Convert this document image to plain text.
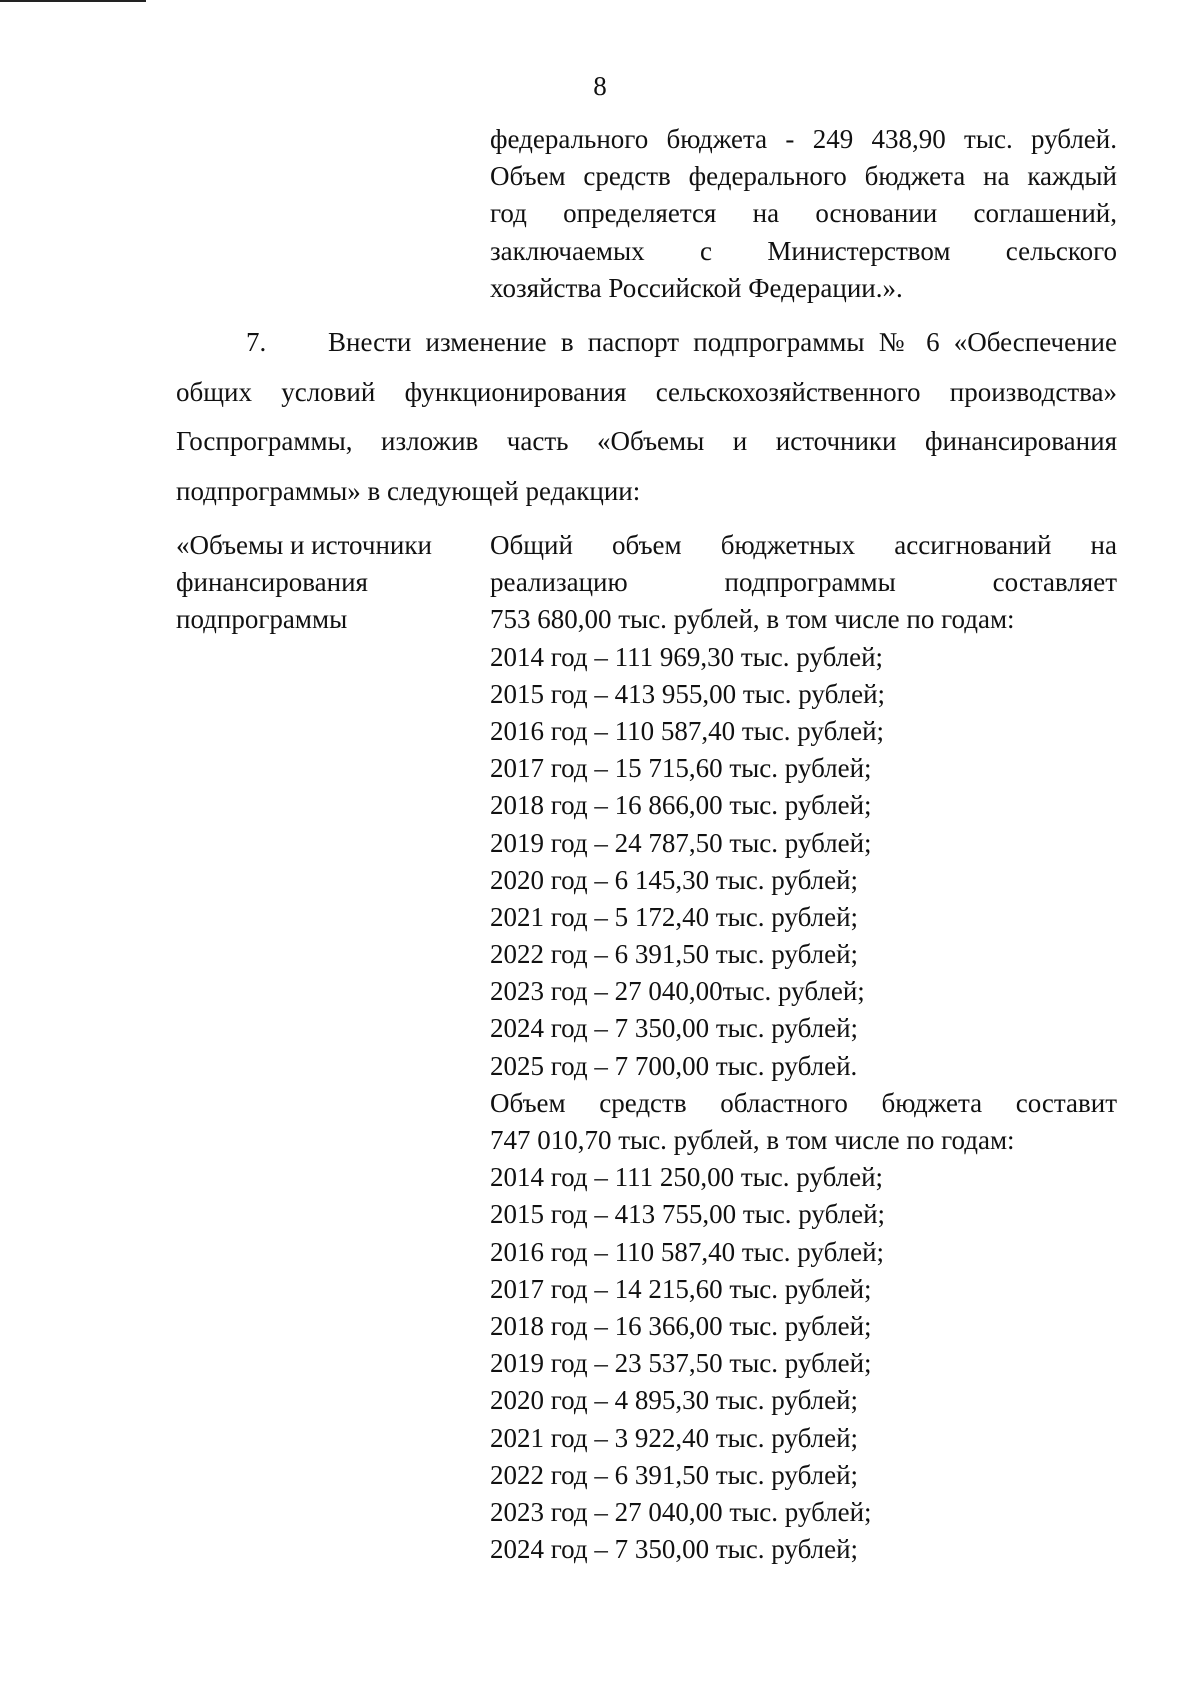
8
федерального бюджета - 249 438,90 тыс. рублей.
Объем средств федерального бюджета на каждый
год определяется на основании соглашений,
заключаемых с Министерством сельского
хозяйства Российской Федерации.».
7. Внести изменение в паспорт подпрограммы № 6 «Обеспечение
общих условий функционирования сельскохозяйственного производства»
Госпрограммы, изложив часть «Объемы и источники финансирования
подпрограммы» в следующей редакции:
«Объемы и источники
финансирования
подпрограммы
Общий объем бюджетных ассигнований на
реализацию подпрограммы составляет
753 680,00 тыс. рублей, в том числе по годам:
2014 год – 111 969,30 тыс. рублей;
2015 год – 413 955,00 тыс. рублей;
2016 год – 110 587,40 тыс. рублей;
2017 год – 15 715,60 тыс. рублей;
2018 год – 16 866,00 тыс. рублей;
2019 год – 24 787,50 тыс. рублей;
2020 год – 6 145,30 тыс. рублей;
2021 год – 5 172,40 тыс. рублей;
2022 год – 6 391,50 тыс. рублей;
2023 год – 27 040,00тыс. рублей;
2024 год – 7 350,00 тыс. рублей;
2025 год – 7 700,00 тыс. рублей.
Объем средств областного бюджета составит
747 010,70 тыс. рублей, в том числе по годам:
2014 год – 111 250,00 тыс. рублей;
2015 год – 413 755,00 тыс. рублей;
2016 год – 110 587,40 тыс. рублей;
2017 год – 14 215,60 тыс. рублей;
2018 год – 16 366,00 тыс. рублей;
2019 год – 23 537,50 тыс. рублей;
2020 год – 4 895,30 тыс. рублей;
2021 год – 3 922,40 тыс. рублей;
2022 год – 6 391,50 тыс. рублей;
2023 год – 27 040,00 тыс. рублей;
2024 год – 7 350,00 тыс. рублей;
